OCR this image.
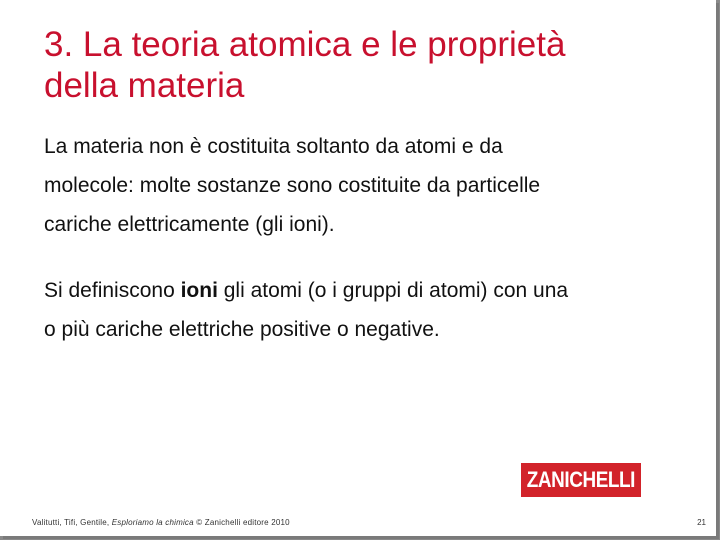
3. La teoria atomica e le proprietà
della materia

La materia non è costituita soltanto da atomi e da
molecole: molte sostanze sono costituite da particelle
cariche elettricamente (gli ioni).

Si definiscono ioni gli atomi (o i gruppi di atomi) con una
o più cariche elettriche positive o negative.

ZANICHELLI
Valitutti, Tifi, Gentile, Esploriamo la chimica © Zanichelli editore 2010	21
